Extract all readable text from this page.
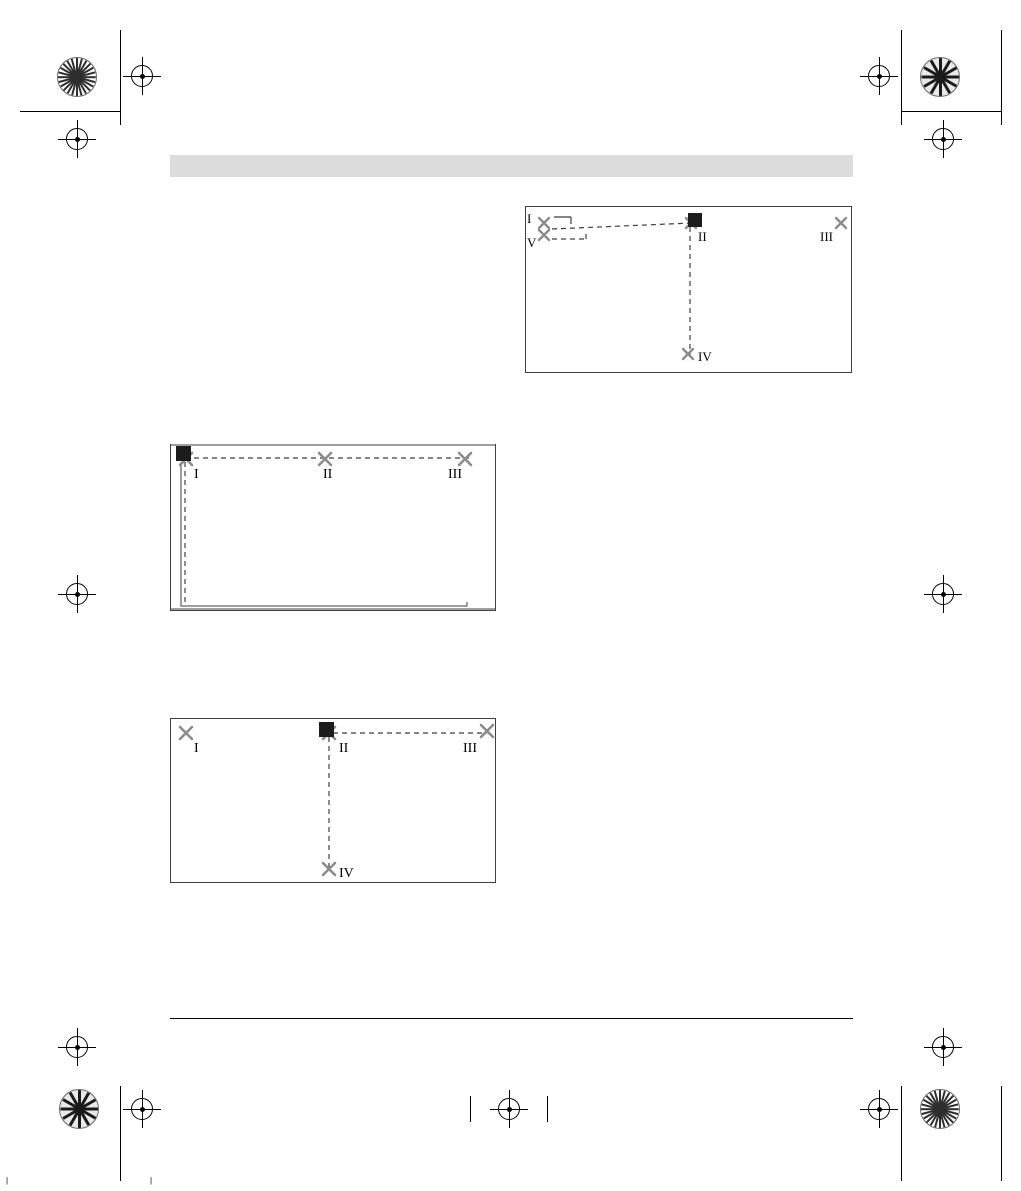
|	|
I
II	III
IV
V
I	II	III
I	II	III
IV
